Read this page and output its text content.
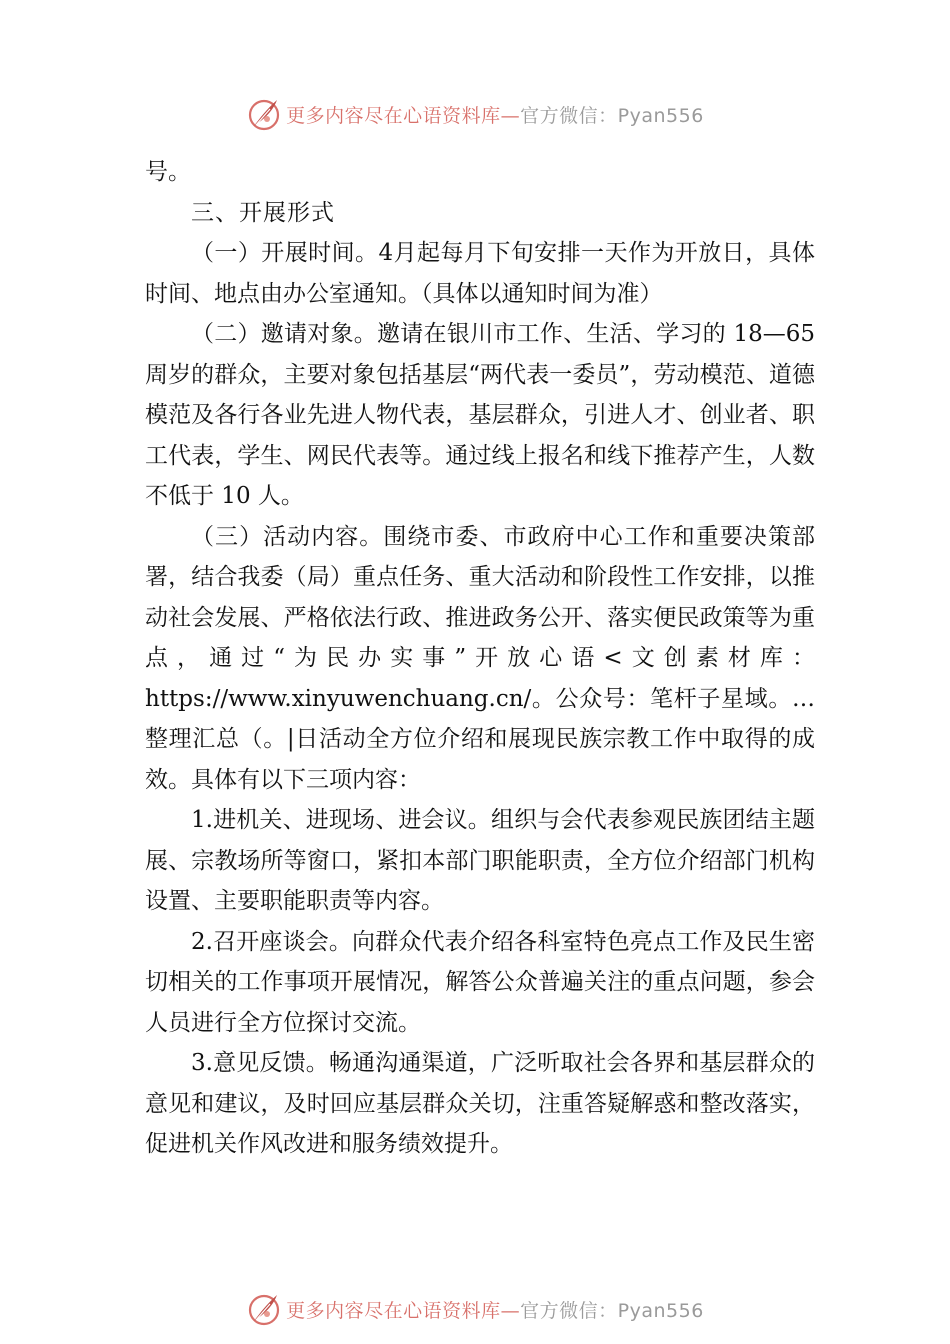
更多内容尽在心语资料库—官方微信：Pyan556

号。

三、开展形式

（一）开展时间。4月起每月下旬安排一天作为开放日，具体时间、地点由办公室通知。（具体以通知时间为准）

（二）邀请对象。邀请在银川市工作、生活、学习的 18—65 周岁的群众，主要对象包括基层“两代表一委员”，劳动模范、道德模范及各行各业先进人物代表，基层群众，引进人才、创业者、职工代表，学生、网民代表等。通过线上报名和线下推荐产生，人数不低于 10 人。

（三）活动内容。围绕市委、市政府中心工作和重要决策部署，结合我委（局）重点任务、重大活动和阶段性工作安排，以推动社会发展、严格依法行政、推进政务公开、落实便民政策等为重点，通过“为民办实事”开放心语<文创素材库：https://www.xinyuwenchuang.cn/。公众号：笔杆子星域。…整理汇总（。|日活动全方位介绍和展现民族宗教工作中取得的成效。具体有以下三项内容：

1.进机关、进现场、进会议。组织与会代表参观民族团结主题展、宗教场所等窗口，紧扣本部门职能职责，全方位介绍部门机构设置、主要职能职责等内容。

2.召开座谈会。向群众代表介绍各科室特色亮点工作及民生密切相关的工作事项开展情况，解答公众普遍关注的重点问题，参会人员进行全方位探讨交流。

3.意见反馈。畅通沟通渠道，广泛听取社会各界和基层群众的意见和建议，及时回应基层群众关切，注重答疑解惑和整改落实，促进机关作风改进和服务绩效提升。

更多内容尽在心语资料库—官方微信：Pyan556
